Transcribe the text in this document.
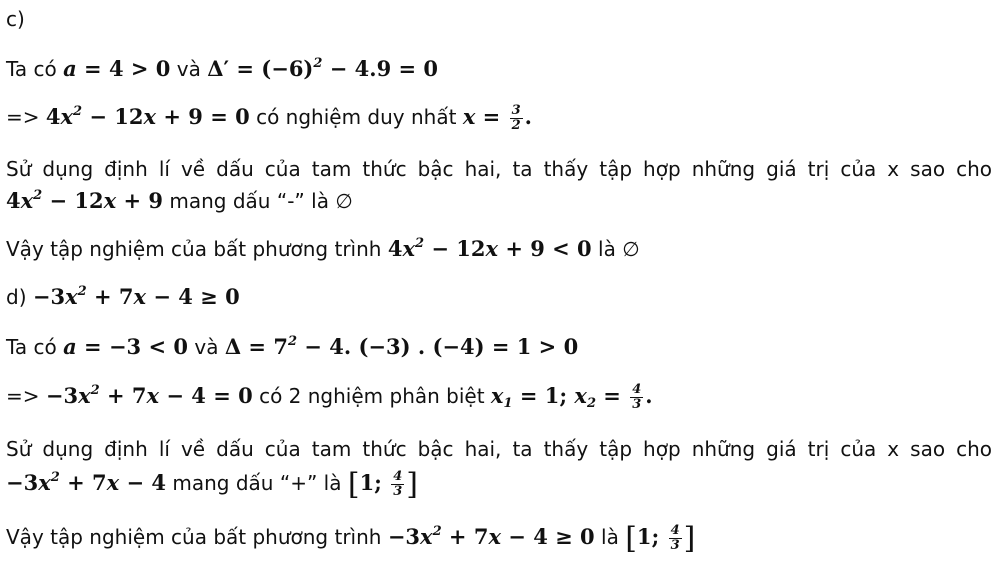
c)
Ta có a = 4 > 0 và $\Delta' = (-6)^2 - 4.9 = 0$
=> $4x^2 - 12x + 9 = 0$ có nghiệm duy nhất $x = \frac{3}{2}$ .
Sử dụng định lí về dấu của tam thức bậc hai, ta thấy tập hợp những giá trị của x sao cho
$4x^2 - 12x + 9$ mang dấu “-” là ∅
Vậy tập nghiệm của bất phương trình $4x^2 - 12x + 9 < 0$ là ∅
$d) -3x^2 + 7x - 4 \ge 0$
Ta có a = −3 < 0 và $\Delta = 7^2 - 4$. (−3) . (−4) = 1 > 0
=> $-3x^2 + 7x - 4 = 0$ có 2 nghiệm phân biệt $x_1 = 1$; $x_2 = \frac{4}{3}$ .
Sử dụng định lí về dấu của tam thức bậc hai, ta thấy tập hợp những giá trị của x sao cho
$-3x^2 + 7x - 4$ mang dấu “+” là [1; $\frac{4}{3}$ ]
Vậy tập nghiệm của bất phương trình $-3x^2 + 7x - 4 \ge 0$ là [1; $\frac{4}{3}$ ]
